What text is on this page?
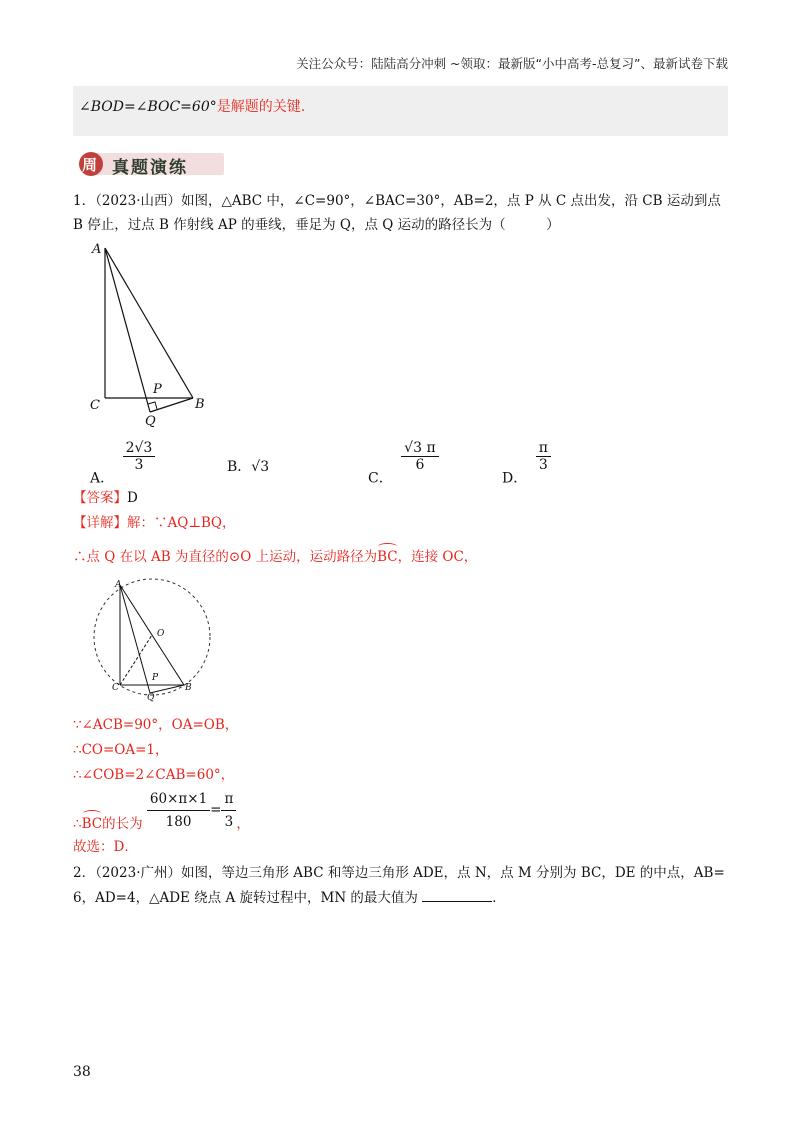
关注公众号：陆陆高分冲刺 ~领取：最新版“小中高考-总复习”、最新试卷下载
∠BOD=∠BOC=60°是解题的关键.
周 真题演练
1．（2023·山西）如图，△ABC 中，∠C=90°，∠BAC=30°，AB=2，点 P 从 C 点出发，沿 CB 运动到点
B 停止，过点 B 作射线 AP 的垂线，垂足为 Q，点 Q 运动的路径长为（　　　）
A
C	B
P
Q
A．
$\frac{2√3}{3}$	B．√3
C．
$\frac{√3 \pi}{6}$
D．
$\frac{\pi}{3}$
【答案】D
【详解】解：∵AQ⊥BQ，
∴点 Q 在以 AB 为直径的⊙O 上运动，运动路径为BC，连接 OC，
A
O
C
P
B
Q
∵∠ACB=90°，OA=OB，
∴CO=OA=1，
∴∠COB=2∠CAB=60°，
∴BC的长为 $\frac{60\times\pi\times 1}{180} = \frac{\pi}{3}$ ，
故选：D．
2．（2023·广州）如图，等边三角形 ABC 和等边三角形 ADE，点 N，点 M 分别为 BC，DE 的中点，AB=
6，AD=4，△ADE 绕点 A 旋转过程中，MN 的最大值为	．
38
